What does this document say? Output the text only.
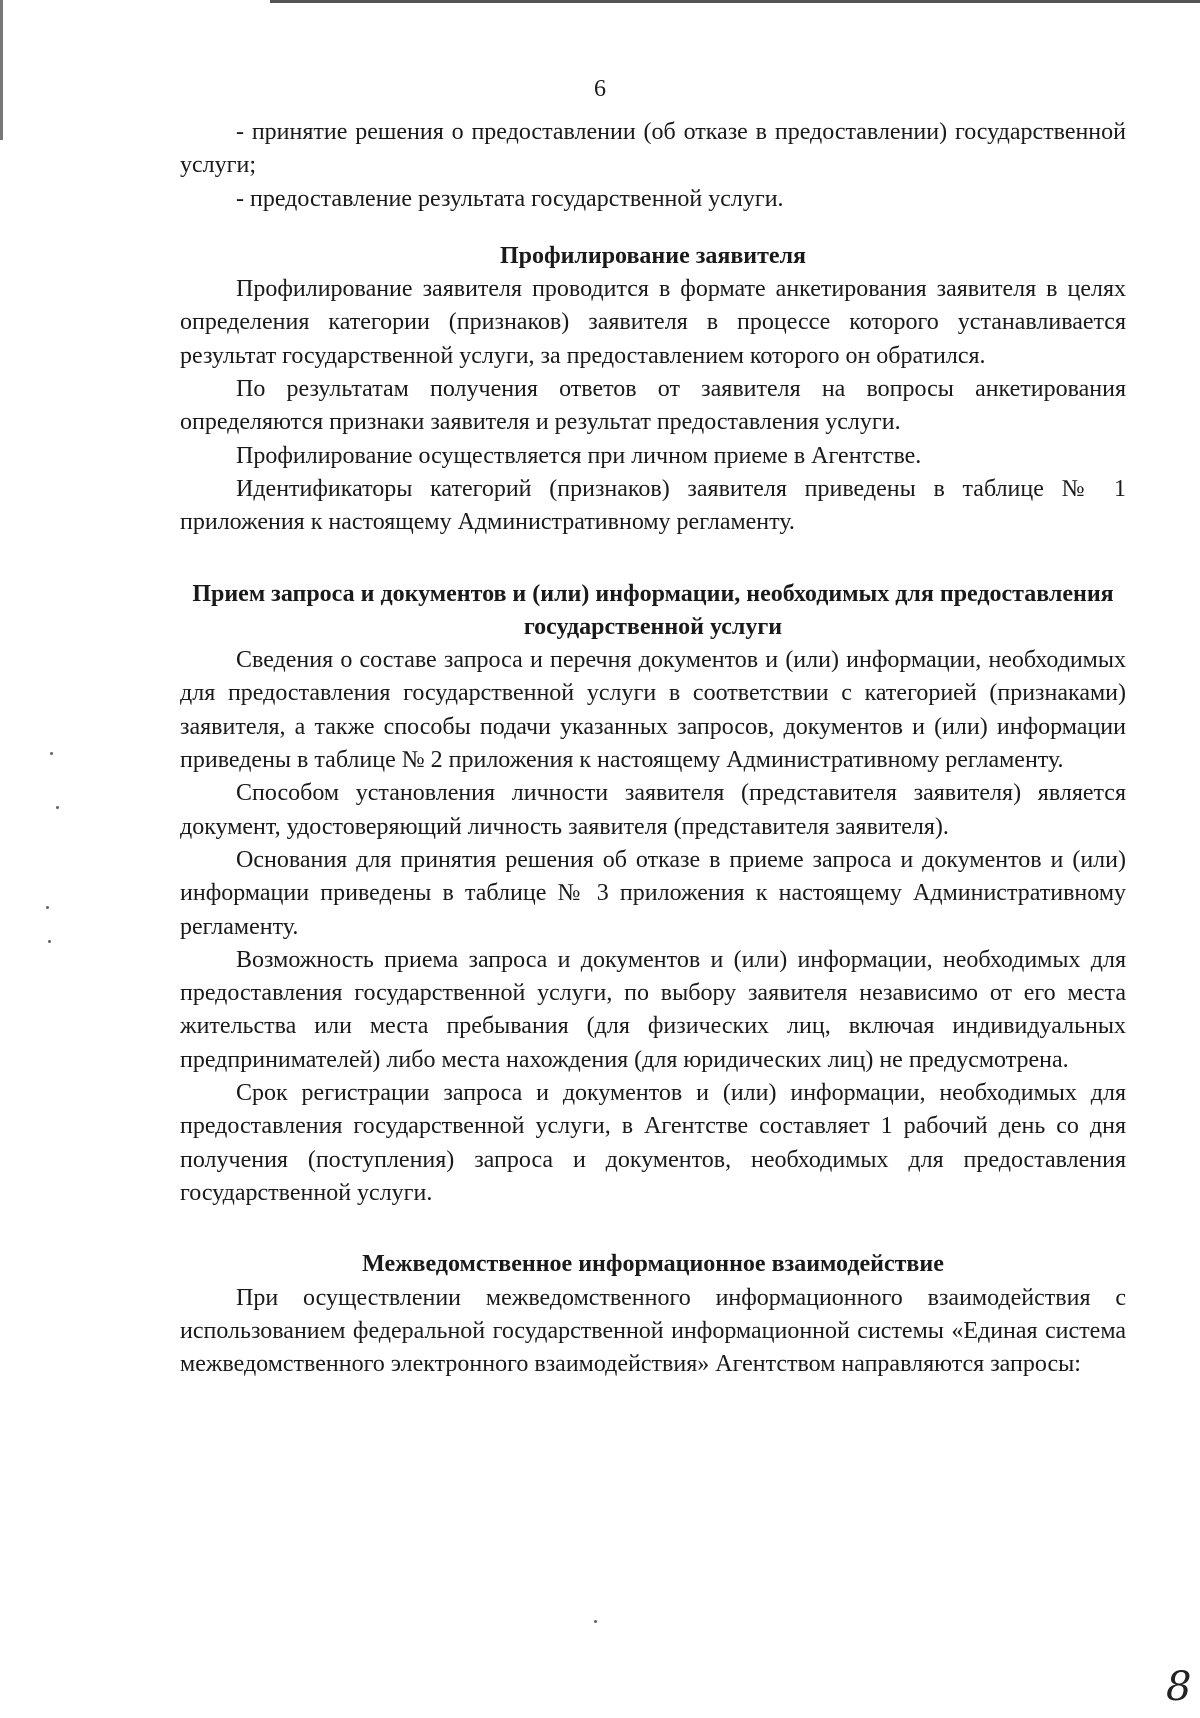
6

- принятие решения о предоставлении (об отказе в предоставлении) государственной услуги;

- предоставление результата государственной услуги.

Профилирование заявителя

Профилирование заявителя проводится в формате анкетирования заявителя в целях определения категории (признаков) заявителя в процессе которого устанавливается результат государственной услуги, за предоставлением которого он обратился.

По результатам получения ответов от заявителя на вопросы анкетирования определяются признаки заявителя и результат предоставления услуги.

Профилирование осуществляется при личном приеме в Агентстве.

Идентификаторы категорий (признаков) заявителя приведены в таблице № 1 приложения к настоящему Административному регламенту.

Прием запроса и документов и (или) информации, необходимых для предоставления государственной услуги

Сведения о составе запроса и перечня документов и (или) информации, необходимых для предоставления государственной услуги в соответствии с категорией (признаками) заявителя, а также способы подачи указанных запросов, документов и (или) информации приведены в таблице № 2 приложения к настоящему Административному регламенту.

Способом установления личности заявителя (представителя заявителя) является документ, удостоверяющий личность заявителя (представителя заявителя).

Основания для принятия решения об отказе в приеме запроса и документов и (или) информации приведены в таблице № 3 приложения к настоящему Административному регламенту.

Возможность приема запроса и документов и (или) информации, необходимых для предоставления государственной услуги, по выбору заявителя независимо от его места жительства или места пребывания (для физических лиц, включая индивидуальных предпринимателей) либо места нахождения (для юридических лиц) не предусмотрена.

Срок регистрации запроса и документов и (или) информации, необходимых для предоставления государственной услуги, в Агентстве составляет 1 рабочий день со дня получения (поступления) запроса и документов, необходимых для предоставления государственной услуги.

Межведомственное информационное взаимодействие

При осуществлении межведомственного информационного взаимодействия с использованием федеральной государственной информационной системы «Единая система межведомственного электронного взаимодействия» Агентством направляются запросы:

8
